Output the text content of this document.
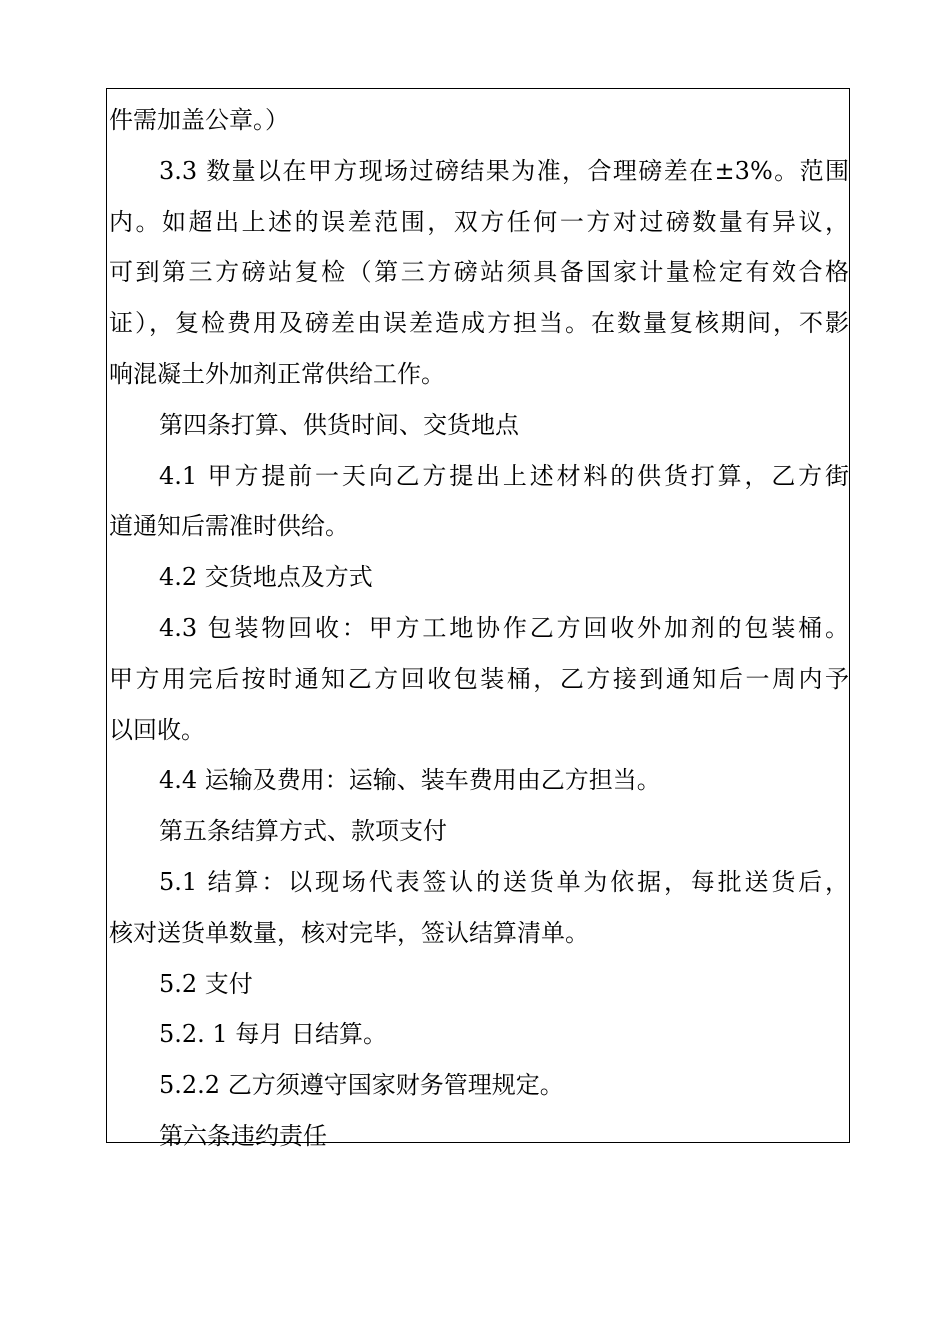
件需加盖公章。）
3.3 数量以在甲方现场过磅结果为准，合理磅差在±3%。范围
内。如超出上述的误差范围，双方任何一方对过磅数量有异议，
可到第三方磅站复检（第三方磅站须具备国家计量检定有效合格
证），复检费用及磅差由误差造成方担当。在数量复核期间，不影
响混凝土外加剂正常供给工作。
第四条打算、供货时间、交货地点
4.1 甲方提前一天向乙方提出上述材料的供货打算，乙方街
道通知后需准时供给。
4.2 交货地点及方式
4.3 包装物回收：甲方工地协作乙方回收外加剂的包装桶。
甲方用完后按时通知乙方回收包装桶，乙方接到通知后一周内予
以回收。
4.4 运输及费用：运输、装车费用由乙方担当。
第五条结算方式、款项支付
5.1 结算：以现场代表签认的送货单为依据，每批送货后，
核对送货单数量，核对完毕，签认结算清单。
5.2 支付
5.2. 1 每月 日结算。
5.2.2 乙方须遵守国家财务管理规定。
第六条违约责任
